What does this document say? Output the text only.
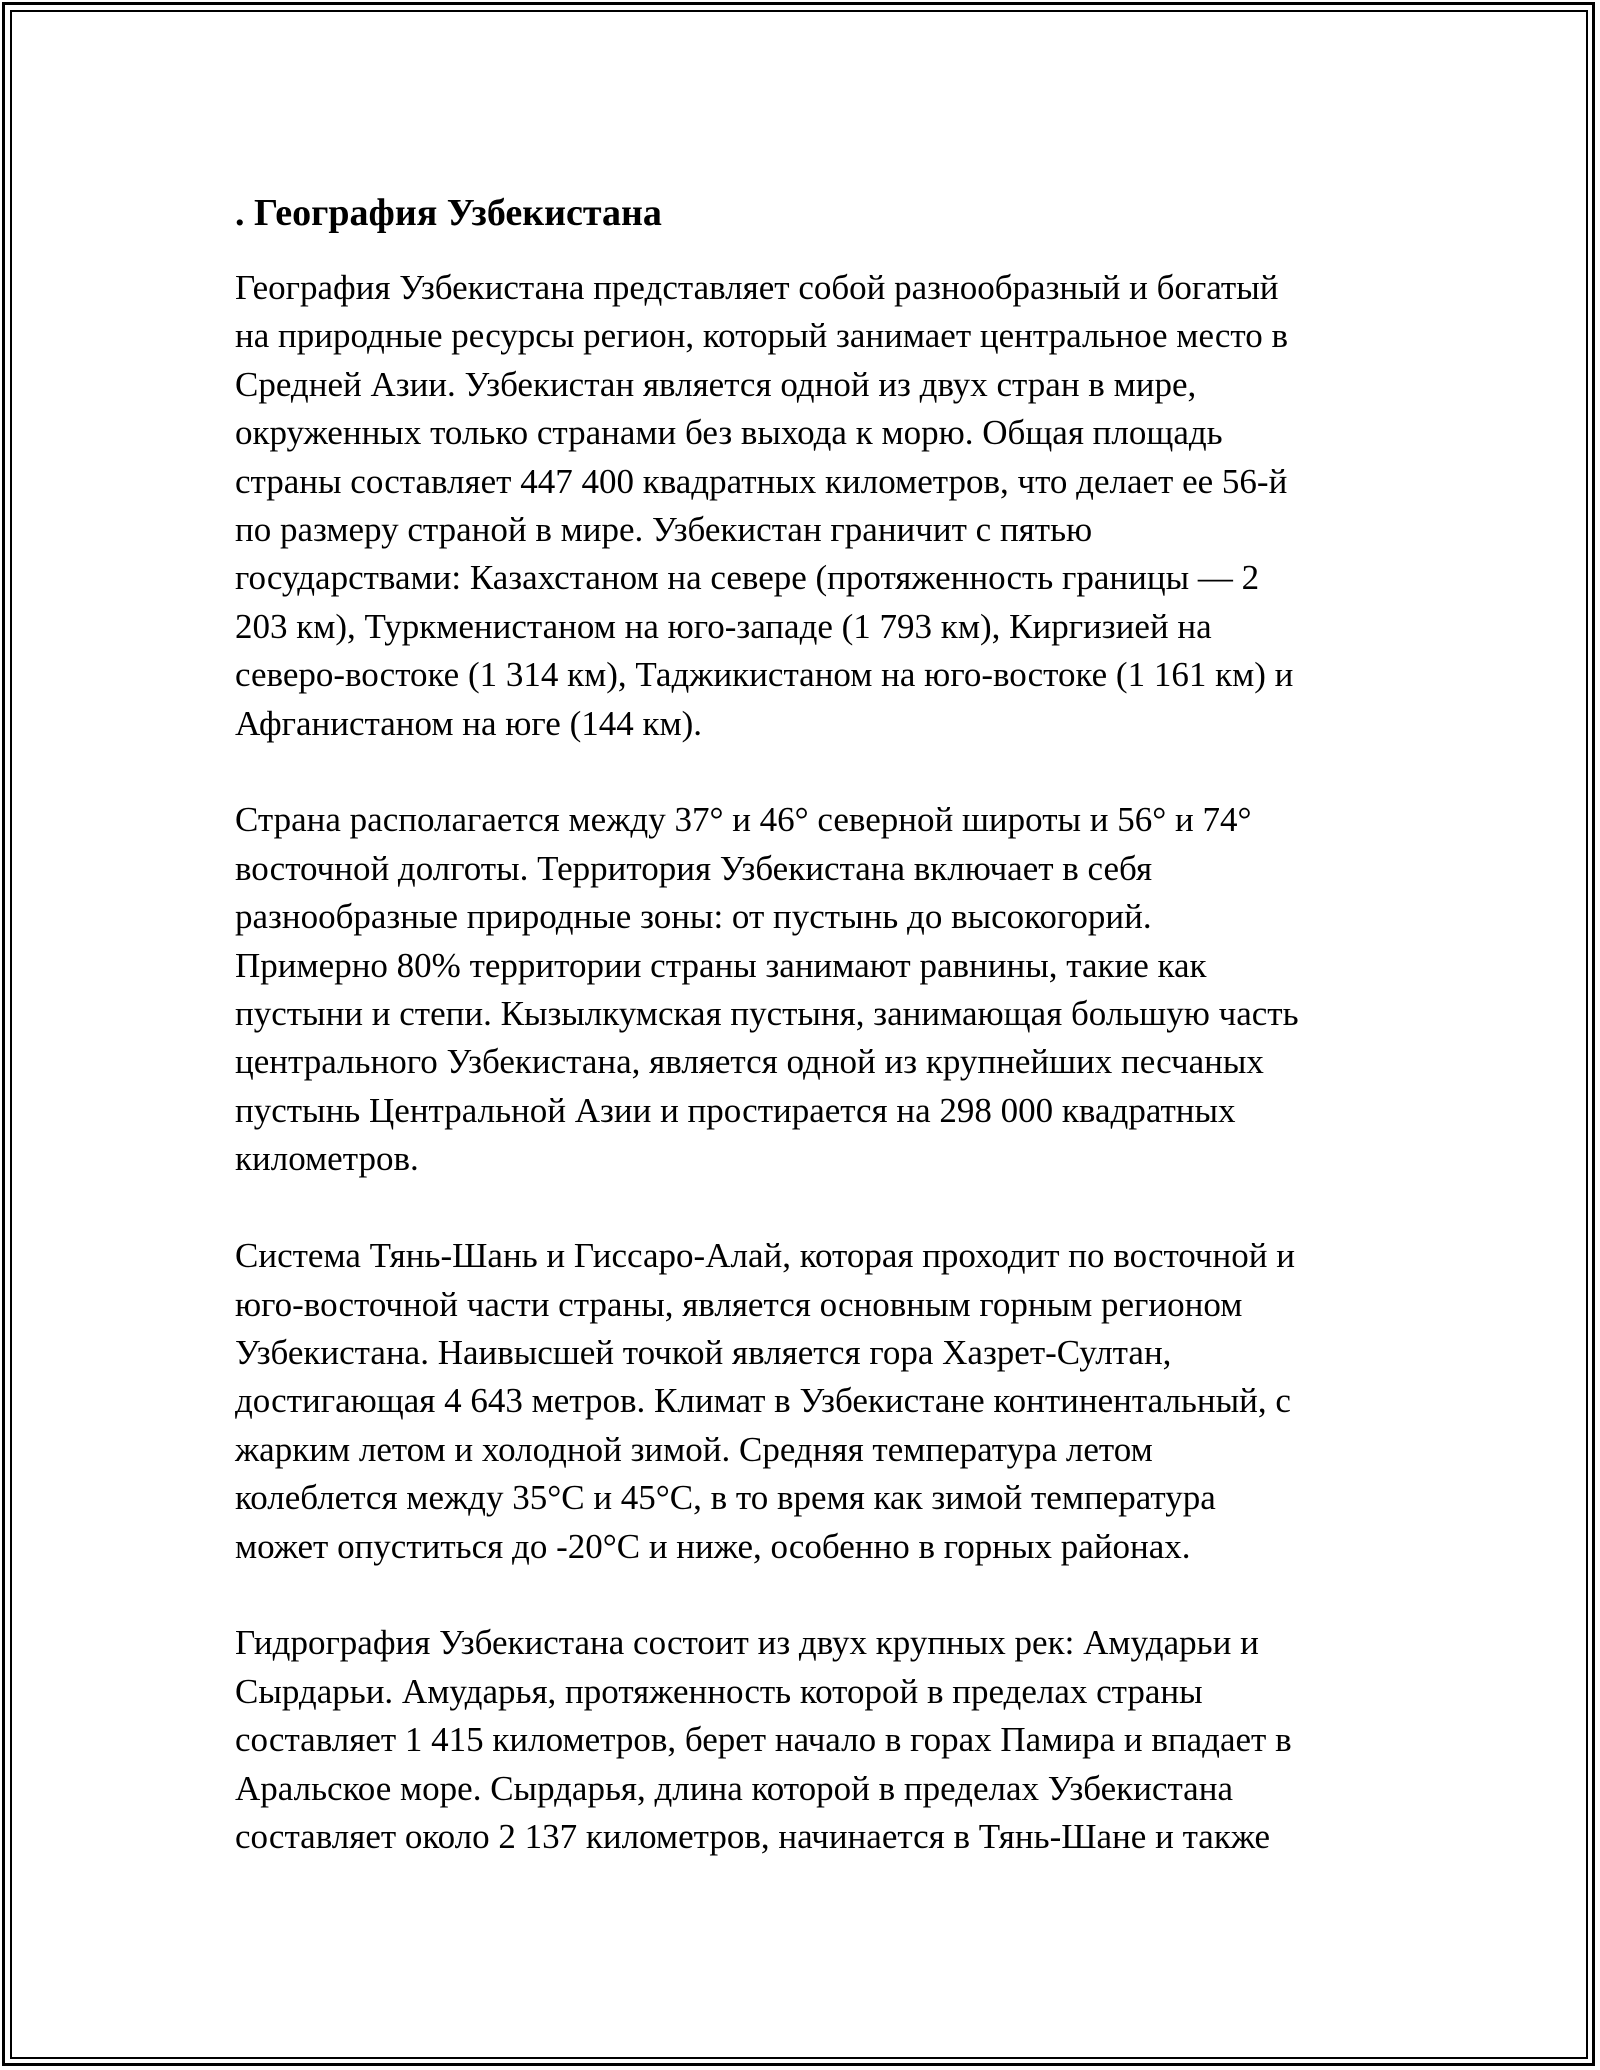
. География Узбекистана

География Узбекистана представляет собой разнообразный и богатый
на природные ресурсы регион, который занимает центральное место в
Средней Азии. Узбекистан является одной из двух стран в мире,
окруженных только странами без выхода к морю. Общая площадь
страны составляет 447 400 квадратных километров, что делает ее 56-й
по размеру страной в мире. Узбекистан граничит с пятью
государствами: Казахстаном на севере (протяженность границы — 2
203 км), Туркменистаном на юго-западе (1 793 км), Киргизией на
северо-востоке (1 314 км), Таджикистаном на юго-востоке (1 161 км) и
Афганистаном на юге (144 км).

Страна располагается между 37° и 46° северной широты и 56° и 74°
восточной долготы. Территория Узбекистана включает в себя
разнообразные природные зоны: от пустынь до высокогорий.
Примерно 80% территории страны занимают равнины, такие как
пустыни и степи. Кызылкумская пустыня, занимающая большую часть
центрального Узбекистана, является одной из крупнейших песчаных
пустынь Центральной Азии и простирается на 298 000 квадратных
километров.

Система Тянь-Шань и Гиссаро-Алай, которая проходит по восточной и
юго-восточной части страны, является основным горным регионом
Узбекистана. Наивысшей точкой является гора Хазрет-Султан,
достигающая 4 643 метров. Климат в Узбекистане континентальный, с
жарким летом и холодной зимой. Средняя температура летом
колеблется между 35°C и 45°C, в то время как зимой температура
может опуститься до -20°C и ниже, особенно в горных районах.

Гидрография Узбекистана состоит из двух крупных рек: Амударьи и
Сырдарьи. Амударья, протяженность которой в пределах страны
составляет 1 415 километров, берет начало в горах Памира и впадает в
Аральское море. Сырдарья, длина которой в пределах Узбекистана
составляет около 2 137 километров, начинается в Тянь-Шане и также
